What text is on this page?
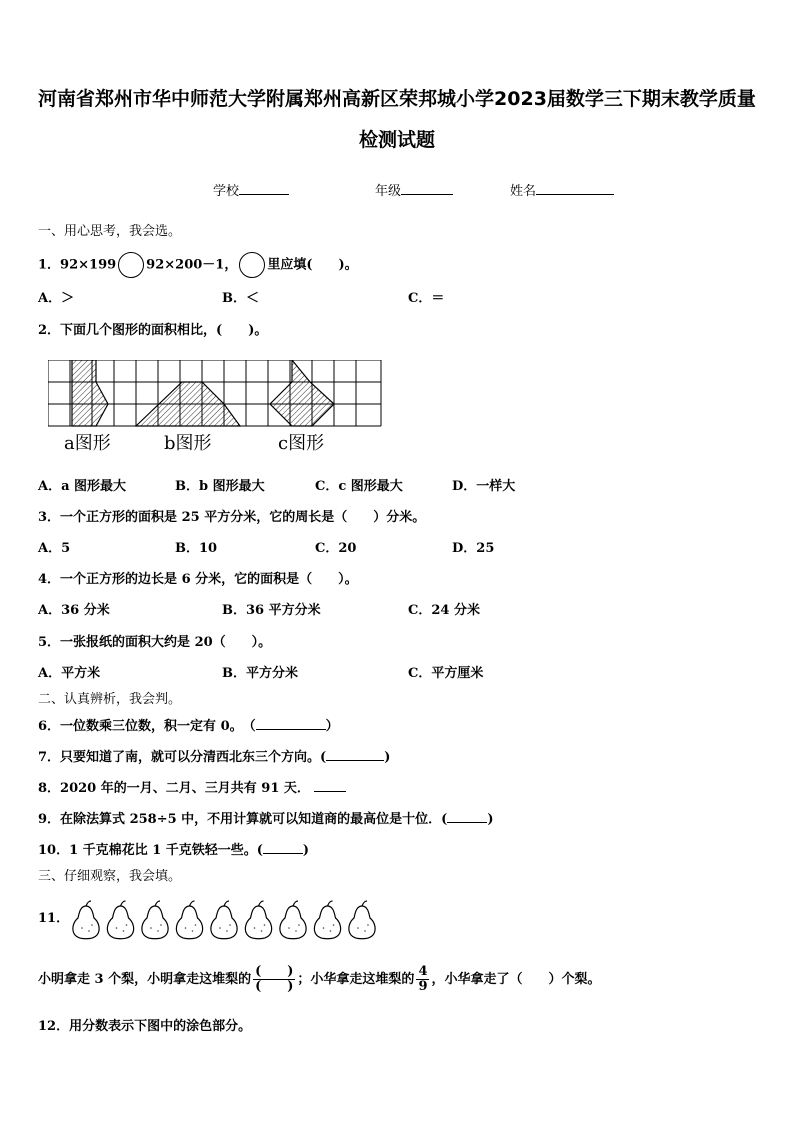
河南省郑州市华中师范大学附属郑州高新区荣邦城小学2023届数学三下期末教学质量
检测试题
学校	年级	姓名
一、用心思考，我会选。
1．92×199 92×200－1， 里应填(　　)。
A．＞	B．＜	C．＝
2．下面几个图形的面积相比，(　　)。
a图形	b图形	c图形
A．a 图形最大	B．b 图形最大	C．c 图形最大	D．一样大
3．一个正方形的面积是 25 平方分米，它的周长是（　　）分米。
A．5	B．10	C．20	D．25
4．一个正方形的边长是 6 分米，它的面积是（　　）。
A．36 分米	B．36 平方分米	C．24 分米
5．一张报纸的面积大约是 20（　　）。
A．平方米	B．平方分米	C．平方厘米
二、认真辨析，我会判。
6．一位数乘三位数，积一定有 0。　（	）
7．只要知道了南，就可以分清西北东三个方向。(	)
8．2020 年的一月、二月、三月共有 91 天．
9．在除法算式 258÷5 中，不用计算就可以知道商的最高位是十位．(	)
10．1 千克棉花比 1 千克铁轻一些。(	)
三、仔细观察，我会填。
11．
小明拿走 3 个梨，小明拿走这堆梨的 $\frac{( )}{( )}$ ；小华拿走这堆梨的 $\frac{4}{9}$ ，小华拿走了（　　）个梨。
12．用分数表示下图中的涂色部分。
